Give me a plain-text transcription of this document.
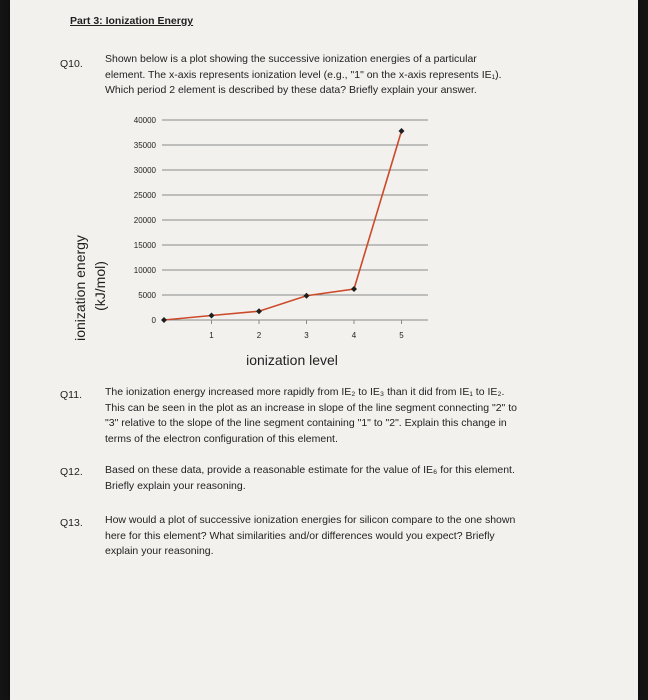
Part 3: Ionization Energy
Q10. Shown below is a plot showing the successive ionization energies of a particular
element. The x-axis represents ionization level (e.g., "1" on the x-axis represents IE₁).
Which period 2 element is described by these data? Briefly explain your answer.
0
5000
10000
15000
20000
25000
30000
35000
40000
1	2	3	4	5
ionization energy (kJ/mol)
ionization level
Q11. The ionization energy increased more rapidly from IE₂ to IE₃ than it did from IE₁ to IE₂.
This can be seen in the plot as an increase in slope of the line segment connecting "2" to
"3" relative to the slope of the line segment containing "1" to "2". Explain this change in
terms of the electron configuration of this element.
Q12. Based on these data, provide a reasonable estimate for the value of IE₆ for this element.
Briefly explain your reasoning.
Q13. How would a plot of successive ionization energies for silicon compare to the one shown
here for this element? What similarities and/or differences would you expect? Briefly
explain your reasoning.
